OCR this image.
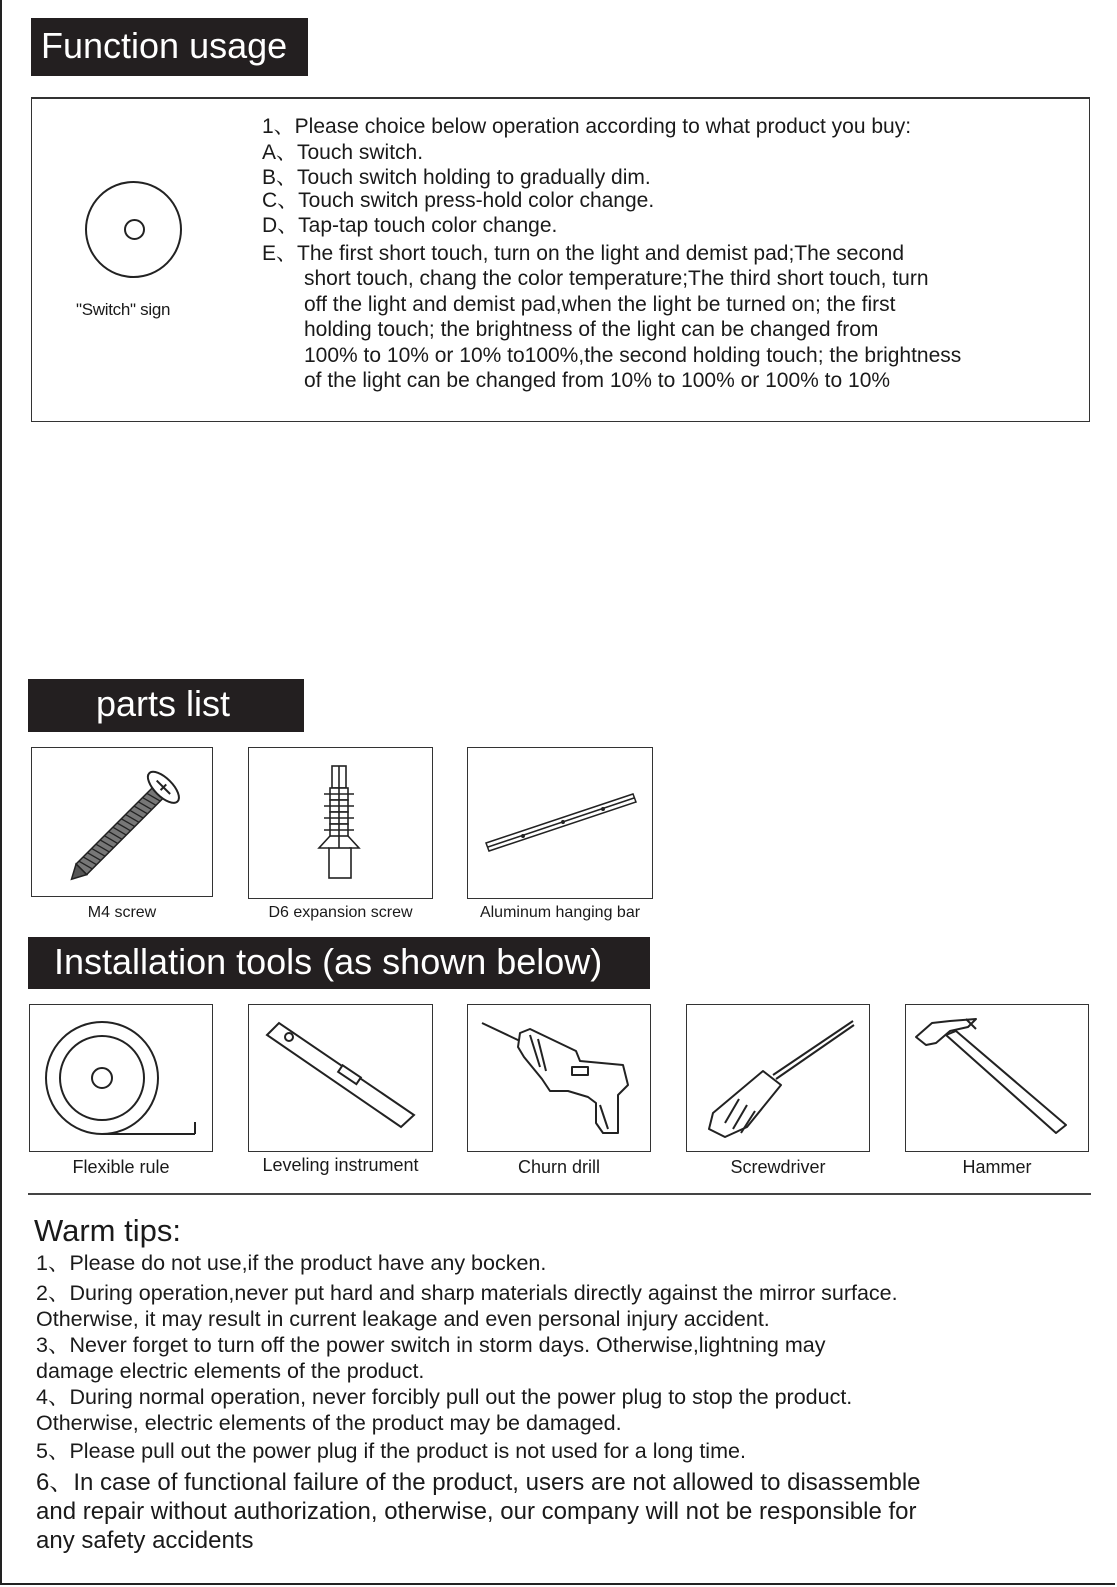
Function usage
"Switch" sign
1、Please choice below operation according to what product you buy:
A、Touch switch.
B、Touch switch holding to gradually dim.
C、Touch switch press-hold color change.
D、Tap-tap touch color change.
E、The first short touch, turn on the light and demist pad;The second
short touch, chang the color temperature;The third short touch, turn
off the light and demist pad,when the light be turned on; the first
holding touch; the brightness of the light can be changed from
100% to 10% or 10% to100%,the second holding touch; the brightness
of the light can be changed from 10% to 100% or 100% to 10%
parts list
M4 screw	D6 expansion screw	Aluminum hanging bar
Installation tools (as shown below)
Flexible rule	Leveling instrument	Churn drill	Screwdriver	Hammer
Warm tips:
1、Please do not use,if the product have any bocken.
2、During operation,never put hard and sharp materials directly against the mirror surface.
Otherwise, it may result in current leakage and even personal injury accident.
3、Never forget to turn off the power switch in storm days. Otherwise,lightning may
damage electric elements of the product.
4、During normal operation, never forcibly pull out the power plug to stop the product.
Otherwise, electric elements of the product may be damaged.
5、Please pull out the power plug if the product is not used for a long time.
6、In case of functional failure of the product, users are not allowed to disassemble
and repair without authorization, otherwise, our company will not be responsible for
any safety accidents
